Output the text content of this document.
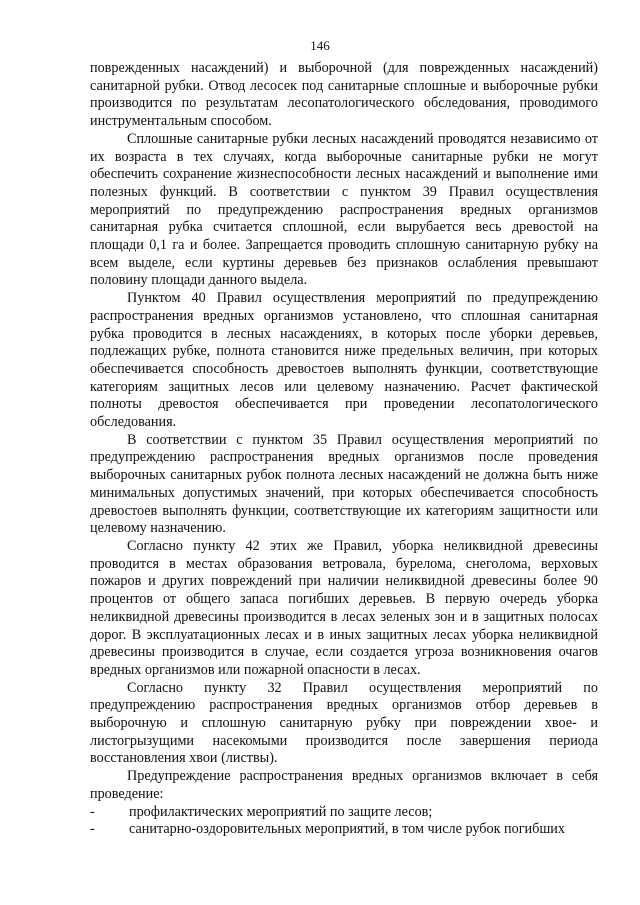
146

поврежденных насаждений) и выборочной (для поврежденных насаждений) санитарной рубки. Отвод лесосек под санитарные сплошные и выборочные рубки производится по результатам лесопатологического обследования, проводимого инструментальным способом.

Сплошные санитарные рубки лесных насаждений проводятся независимо от их возраста в тех случаях, когда выборочные санитарные рубки не могут обеспечить сохранение жизнеспособности лесных насаждений и выполнение ими полезных функций. В соответствии с пунктом 39 Правил осуществления мероприятий по предупреждению распространения вредных организмов санитарная рубка считается сплошной, если вырубается весь древостой на площади 0,1 га и более. Запрещается проводить сплошную санитарную рубку на всем выделе, если куртины деревьев без признаков ослабления превышают половину площади данного выдела.

Пунктом 40 Правил осуществления мероприятий по предупреждению распространения вредных организмов установлено, что сплошная санитарная рубка проводится в лесных насаждениях, в которых после уборки деревьев, подлежащих рубке, полнота становится ниже предельных величин, при которых обеспечивается способность древостоев выполнять функции, соответствующие категориям защитных лесов или целевому назначению. Расчет фактической полноты древостоя обеспечивается при проведении лесопатологического обследования.

В соответствии с пунктом 35 Правил осуществления мероприятий по предупреждению распространения вредных организмов после проведения выборочных санитарных рубок полнота лесных насаждений не должна быть ниже минимальных допустимых значений, при которых обеспечивается способность древостоев выполнять функции, соответствующие их категориям защитности или целевому назначению.

Согласно пункту 42 этих же Правил, уборка неликвидной древесины проводится в местах образования ветровала, бурелома, снеголома, верховых пожаров и других повреждений при наличии неликвидной древесины более 90 процентов от общего запаса погибших деревьев. В первую очередь уборка неликвидной древесины производится в лесах зеленых зон и в защитных полосах дорог. В эксплуатационных лесах и в иных защитных лесах уборка неликвидной древесины производится в случае, если создается угроза возникновения очагов вредных организмов или пожарной опасности в лесах.

Согласно пункту 32 Правил осуществления мероприятий по предупреждению распространения вредных организмов отбор деревьев в выборочную и сплошную санитарную рубку при повреждении хвое- и листогрызущими насекомыми производится после завершения периода восстановления хвои (листвы).

Предупреждение распространения вредных организмов включает в себя проведение:

- профилактических мероприятий по защите лесов;
- санитарно-оздоровительных мероприятий, в том числе рубок погибших
